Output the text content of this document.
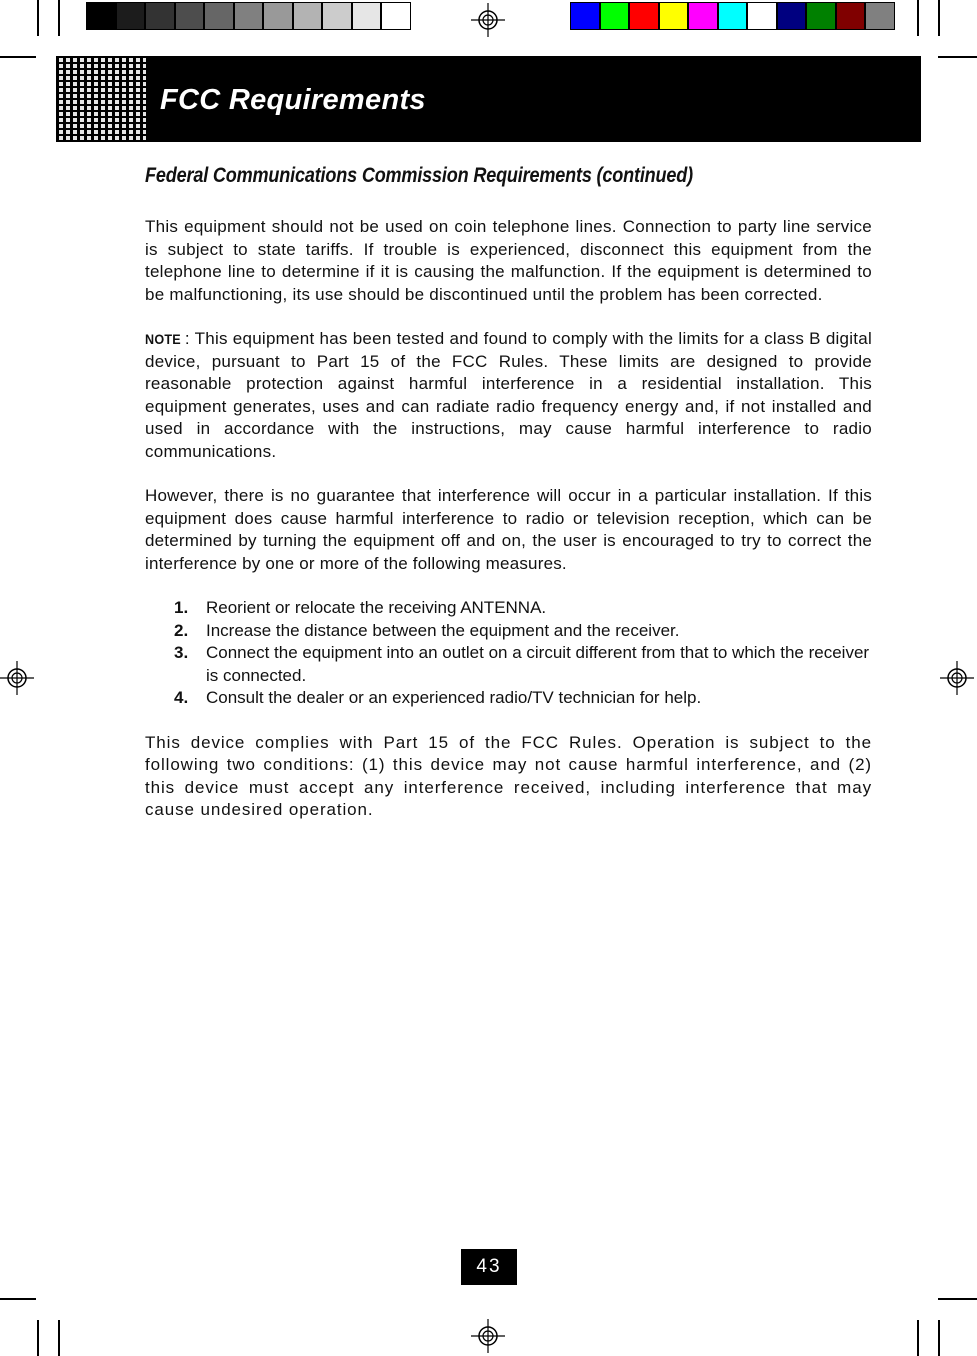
FCC Requirements
Federal Communications Commission Requirements (continued)

This equipment should not be used on coin telephone lines. Connection to party line service is subject to state tariffs. If trouble is experienced, disconnect this equipment from the telephone line to determine if it is causing the malfunction. If the equipment is determined to be malfunctioning, its use should be discontinued until the problem has been corrected.

NOTE : This equipment has been tested and found to comply with the limits for a class B digital device, pursuant to Part 15 of the FCC Rules. These limits are designed to provide reasonable protection against harmful interference in a residential installation. This equipment generates, uses and can radiate radio frequency energy and, if not installed and used in accordance with the instructions, may cause harmful interference to radio communications.

However, there is no guarantee that interference will occur in a particular installation. If this equipment does cause harmful interference to radio or television reception, which can be determined by turning the equipment off and on, the user is encouraged to try to correct the interference by one or more of the following measures.

1.	Reorient or relocate the receiving ANTENNA.
2.	Increase the distance between the equipment and the receiver.
3.	Connect the equipment into an outlet on a circuit different from that to which the receiver is connected.
4.	Consult the dealer or an experienced radio/TV technician for help.

This device complies with Part 15 of the FCC Rules. Operation is subject to the following two conditions: (1) this device may not cause harmful interference, and (2) this device must accept any interference received, including interference that may cause undesired operation.

43
